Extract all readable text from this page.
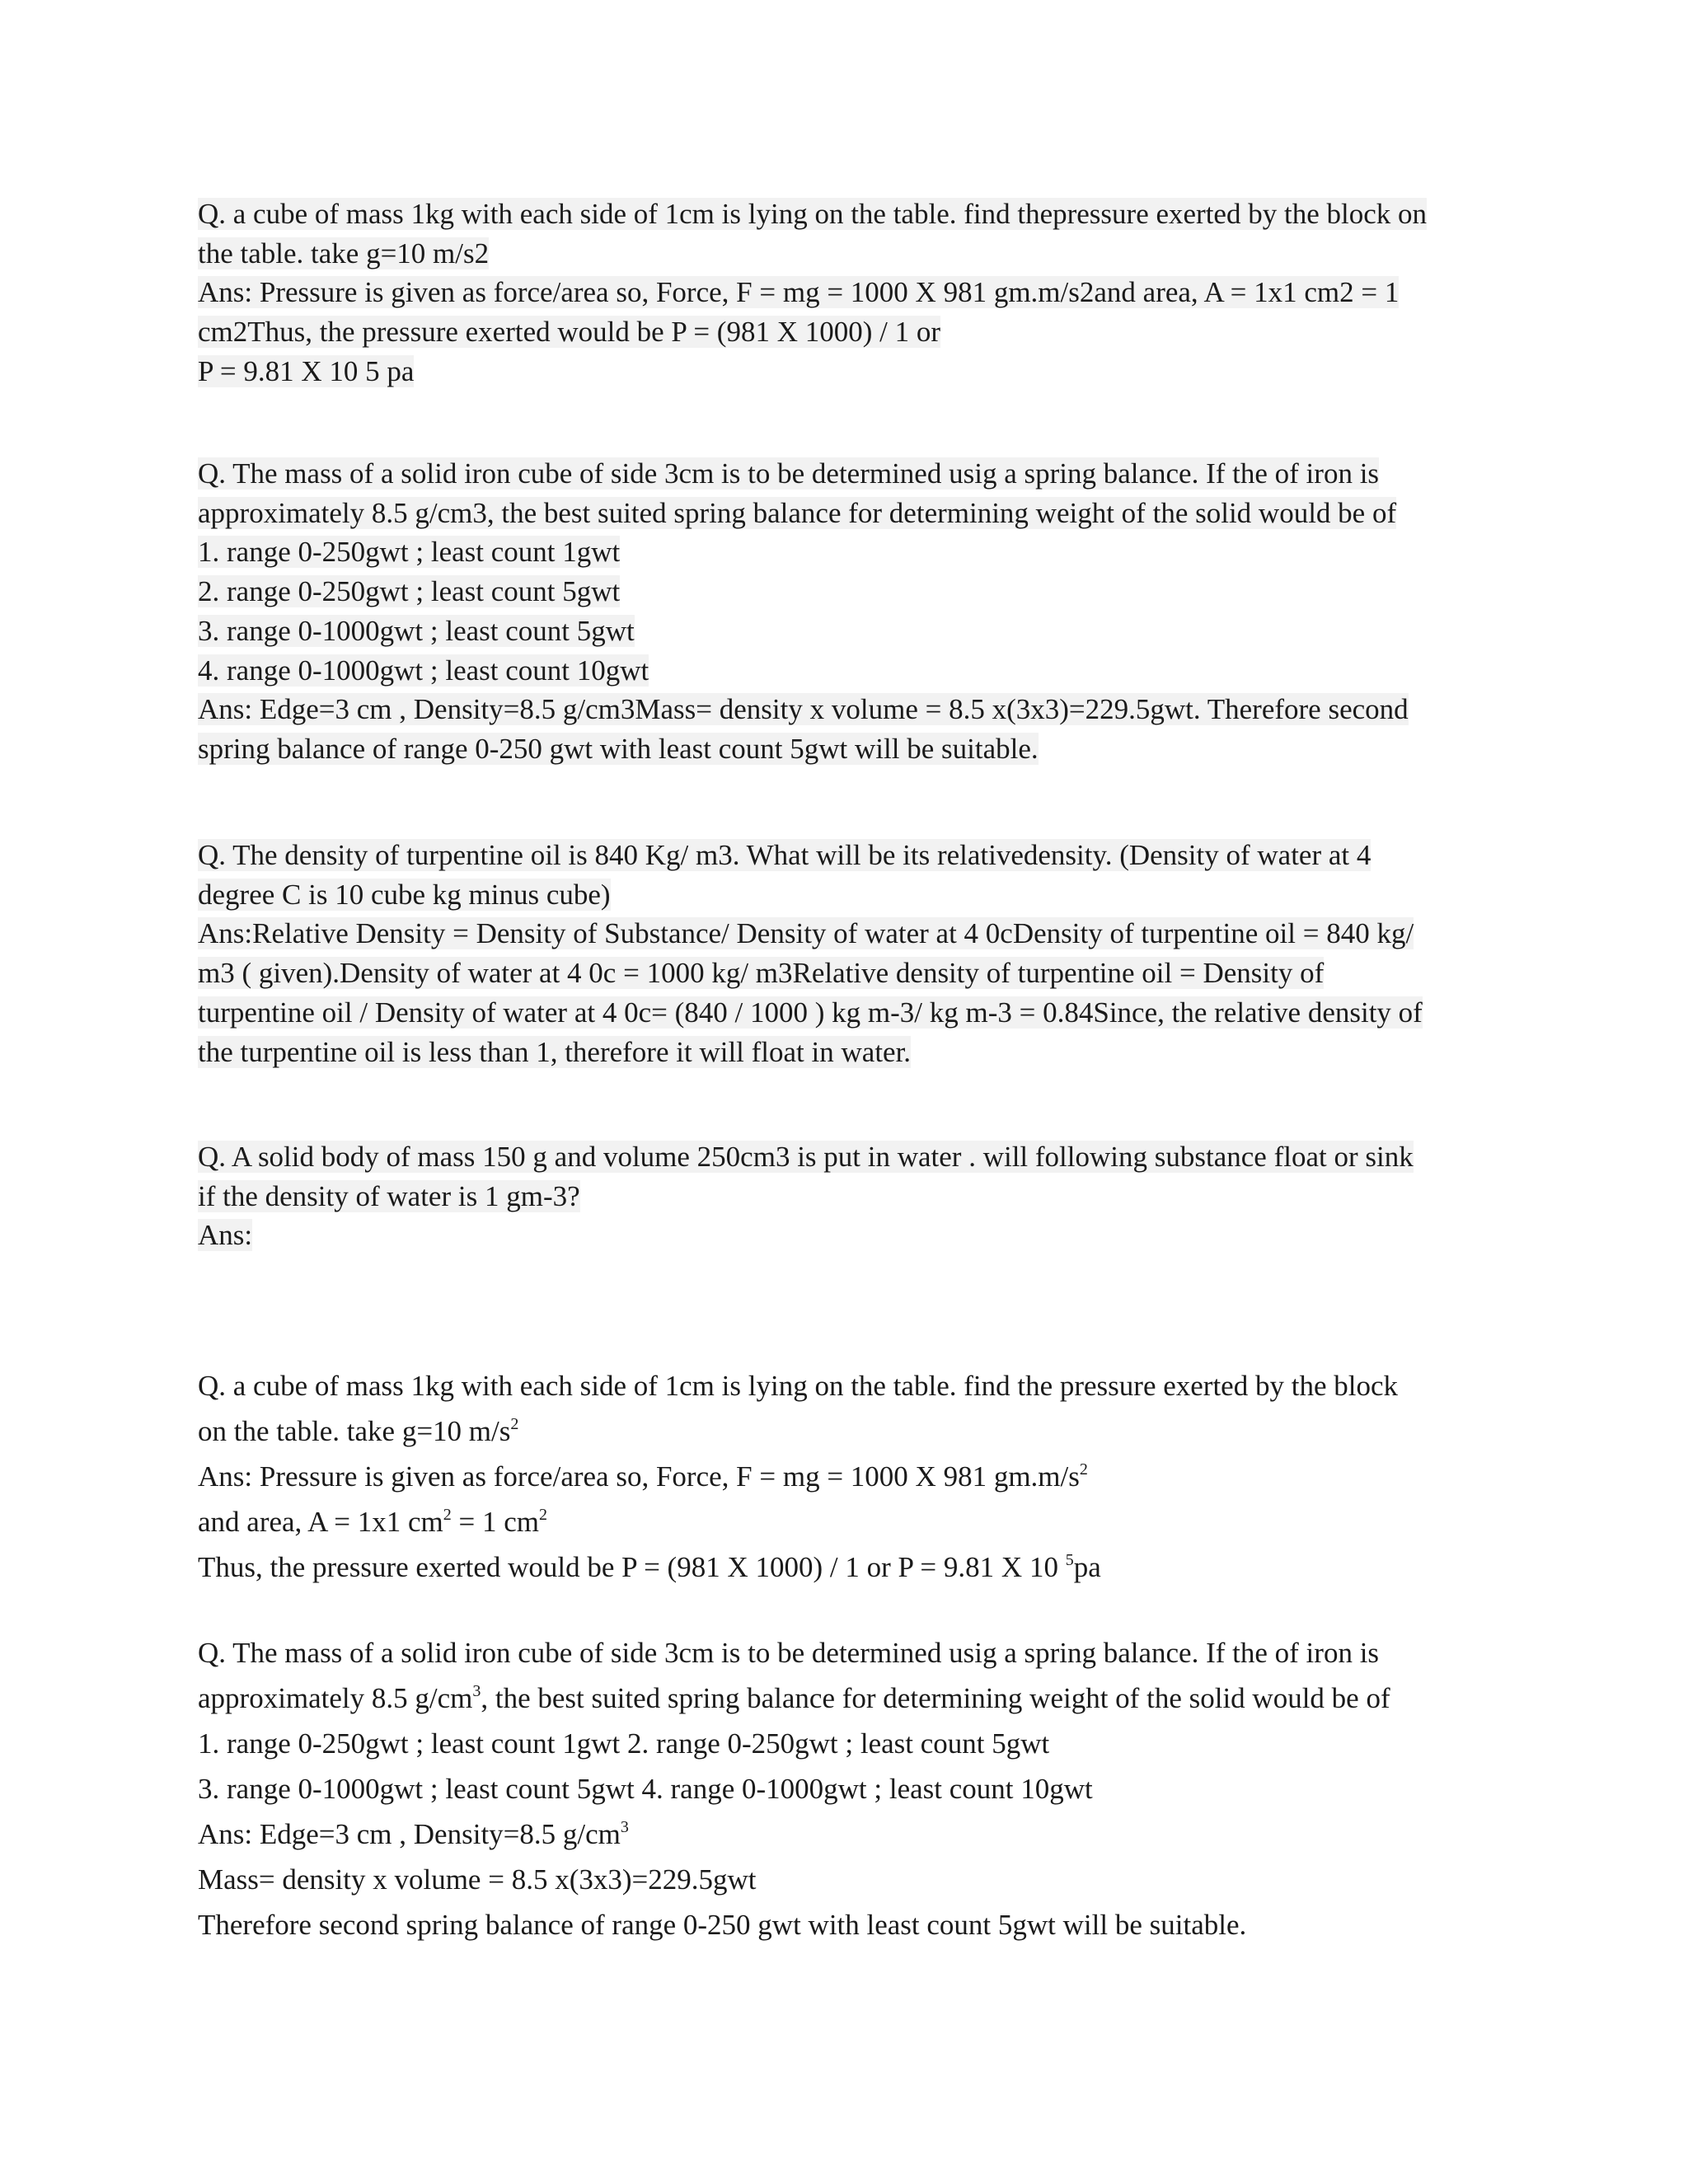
Q. a cube of mass 1kg with each side of 1cm is lying on the table. find thepressure exerted by the block on
the table. take g=10 m/s2
Ans: Pressure is given as force/area so, Force, F = mg = 1000 X 981 gm.m/s2and area, A = 1x1 cm2 = 1
cm2Thus, the pressure exerted would be P = (981 X 1000) / 1 or
P = 9.81 X 10 5 pa
Q. The mass of a solid iron cube of side 3cm is to be determined usig a spring balance. If the of iron is
approximately 8.5 g/cm3, the best suited spring balance for determining weight of the solid would be of
1. range 0-250gwt ; least count 1gwt
2. range 0-250gwt ; least count 5gwt
3. range 0-1000gwt ; least count 5gwt
4. range 0-1000gwt ; least count 10gwt
Ans: Edge=3 cm , Density=8.5 g/cm3Mass= density x volume = 8.5 x(3x3)=229.5gwt. Therefore second
spring balance of range 0-250 gwt with least count 5gwt will be suitable.
Q. The density of turpentine oil is 840 Kg/ m3. What will be its relativedensity. (Density of water at 4
degree C is 10 cube kg minus cube)
Ans:Relative Density = Density of Substance/ Density of water at 4 0cDensity of turpentine oil = 840 kg/
m3 ( given).Density of water at 4 0c = 1000 kg/ m3Relative density of turpentine oil = Density of
turpentine oil / Density of water at 4 0c= (840 / 1000 ) kg m-3/ kg m-3 = 0.84Since, the relative density of
the turpentine oil is less than 1, therefore it will float in water.
Q. A solid body of mass 150 g and volume 250cm3 is put in water . will following substance float or sink
if the density of water is 1 gm-3?
Ans:
Q. a cube of mass 1kg with each side of 1cm is lying on the table. find the pressure exerted by the block
on the table. take g=10 $m/s^2$
Ans: Pressure is given as force/area so, Force, F = mg = 1000 X 981 $gm.m/s^2$
and area, A = 1x1 $cm^2 = 1$ $cm^2$
Thus, the pressure exerted would be P = (981 X 1000) / 1 or P = 9.81 X 10 $^5$pa
Q. The mass of a solid iron cube of side 3cm is to be determined usig a spring balance. If the of iron is
approximately 8.5 $g/cm^3$, the best suited spring balance for determining weight of the solid would be of
1. range 0-250gwt ; least count 1gwt 2. range 0-250gwt ; least count 5gwt
3. range 0-1000gwt ; least count 5gwt 4. range 0-1000gwt ; least count 10gwt
Ans: Edge=3 cm , Density=8.5 $g/cm^3$
Mass= density x volume = 8.5 x(3x3)=229.5gwt
Therefore second spring balance of range 0-250 gwt with least count 5gwt will be suitable.
